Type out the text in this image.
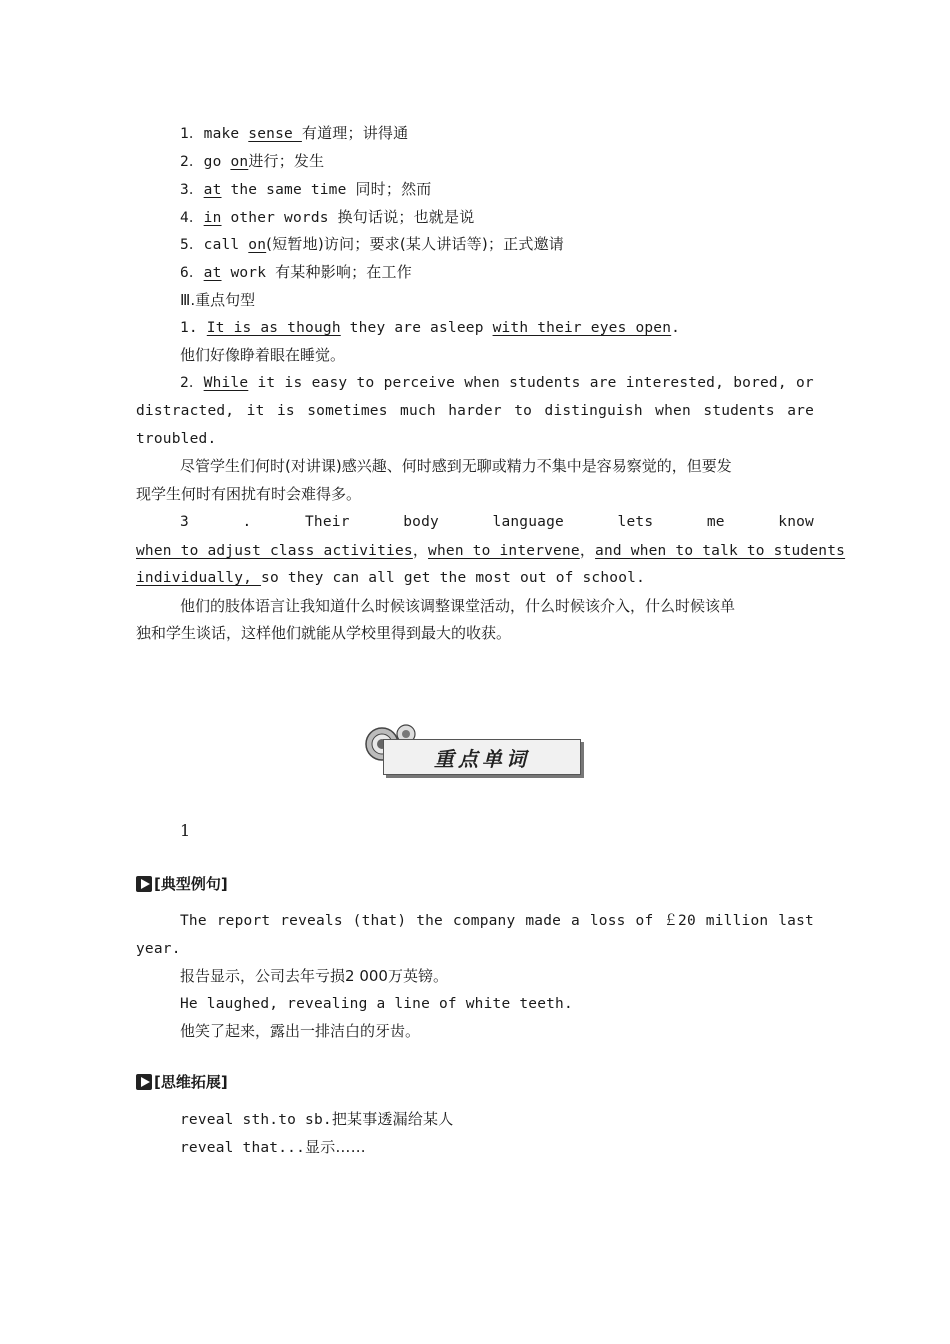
1．make sense 有道理；讲得通
2．go on进行；发生
3．at the same time 同时；然而
4．in other words 换句话说；也就是说
5．call on(短暂地)访问；要求(某人讲话等)；正式邀请
6．at work 有某种影响；在工作
Ⅲ.重点句型
1. It is as though they are asleep with their eyes open.
他们好像睁着眼在睡觉。
2．While it is easy to perceive when students are interested, bored, or
distracted, it is sometimes much harder to distinguish when students are
troubled.
尽管学生们何时(对讲课)感兴趣、何时感到无聊或精力不集中是容易察觉的，但要发
现学生何时有困扰有时会难得多。
3	.	Their	body	language	lets	me	know
when to adjust class activities，when to intervene，and when to talk to students
individually, so they can all get the most out of school.
他们的肢体语言让我知道什么时候该调整课堂活动，什么时候该介入，什么时候该单
独和学生谈话，这样他们就能从学校里得到最大的收获。
重点单词
1
[典型例句]
The report reveals (that) the company made a loss of ￡20 million last
year.
报告显示，公司去年亏损2 000万英镑。
He laughed, revealing a line of white teeth.
他笑了起来，露出一排洁白的牙齿。
[思维拓展]
reveal sth.to sb.把某事透漏给某人
reveal that...显示……
